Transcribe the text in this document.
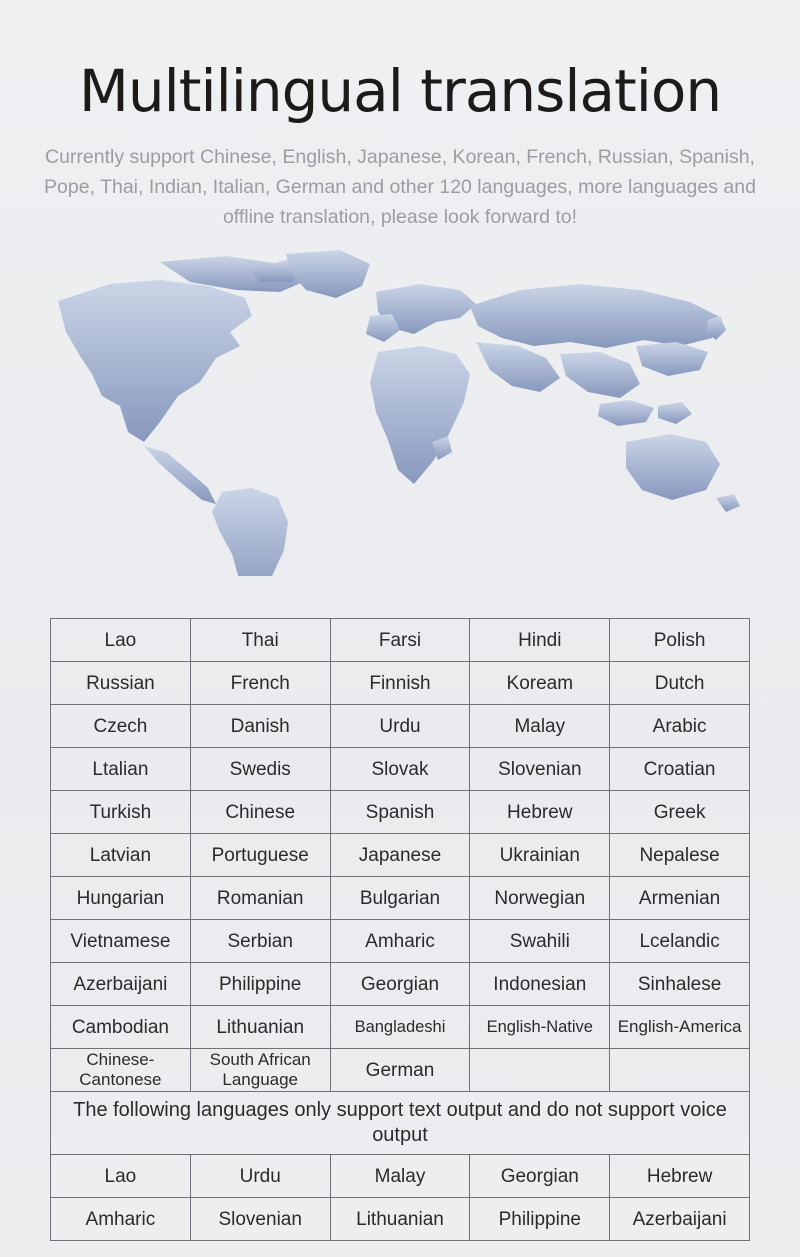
Multilingual translation

Currently support Chinese, English, Japanese, Korean, French, Russian, Spanish, Pope, Thai, Indian, Italian, German and other 120 languages, more languages and offline translation, please look forward to!

Lao	Thai	Farsi	Hindi	Polish
Russian	French	Finnish	Koream	Dutch
Czech	Danish	Urdu	Malay	Arabic
Ltalian	Swedis	Slovak	Slovenian	Croatian
Turkish	Chinese	Spanish	Hebrew	Greek
Latvian	Portuguese	Japanese	Ukrainian	Nepalese
Hungarian	Romanian	Bulgarian	Norwegian	Armenian
Vietnamese	Serbian	Amharic	Swahili	Lcelandic
Azerbaijani	Philippine	Georgian	Indonesian	Sinhalese
Cambodian	Lithuanian	Bangladeshi	English-Native	English-America
Chinese-Cantonese	South African Language	German		
The following languages only support text output and do not support voice output				
Lao	Urdu	Malay	Georgian	Hebrew
Amharic	Slovenian	Lithuanian	Philippine	Azerbaijani
